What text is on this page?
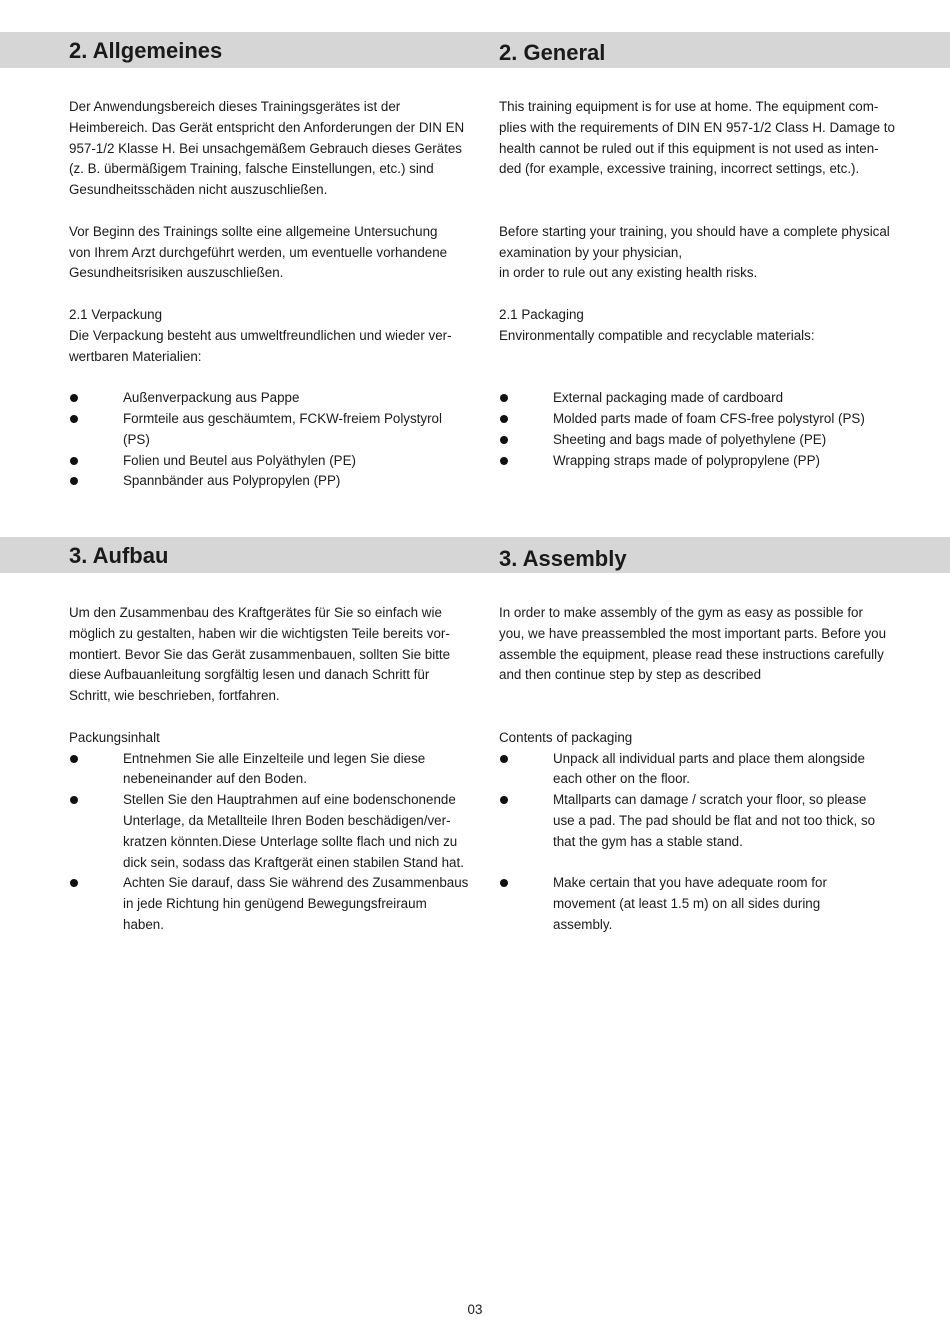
2. Allgemeines	2. General

Der Anwendungsbereich dieses Trainingsgerätes ist der
Heimbereich. Das Gerät entspricht den Anforderungen der DIN EN
957-1/2 Klasse H. Bei unsachgemäßem Gebrauch dieses Gerätes
(z. B. übermäßigem Training, falsche Einstellungen, etc.) sind
Gesundheitsschäden nicht auszuschließen.

Vor Beginn des Trainings sollte eine allgemeine Untersuchung
von Ihrem Arzt durchgeführt werden, um eventuelle vorhandene
Gesundheitsrisiken auszuschließen.

2.1 Verpackung

Die Verpackung besteht aus umweltfreundlichen und wieder ver-
wertbaren Materialien:

Außenverpackung aus Pappe

Formteile aus geschäumtem, FCKW-freiem Polystyrol
(PS)

Folien und Beutel aus Polyäthylen (PE)

Spannbänder aus Polypropylen (PP)

This training equipment is for use at home. The equipment com-
plies with the requirements of DIN EN 957-1/2 Class H. Damage to
health cannot be ruled out if this equipment is not used as inten-
ded (for example, excessive training, incorrect settings, etc.).

Before starting your training, you should have a complete physical
examination by your physician,
in order to rule out any existing health risks.

2.1 Packaging

Environmentally compatible and recyclable materials:

External packaging made of cardboard

Molded parts made of foam CFS-free polystyrol (PS)

Sheeting and bags made of polyethylene (PE)

Wrapping straps made of polypropylene (PP)

3. Aufbau	3. Assembly

Um den Zusammenbau des Kraftgerätes für Sie so einfach wie
möglich zu gestalten, haben wir die wichtigsten Teile bereits vor-
montiert. Bevor Sie das Gerät zusammenbauen, sollten Sie bitte
diese Aufbauanleitung sorgfältig lesen und danach Schritt für
Schritt, wie beschrieben, fortfahren.

Packungsinhalt

Entnehmen Sie alle Einzelteile und legen Sie diese
nebeneinander auf den Boden.

Stellen Sie den Hauptrahmen auf eine bodenschonende
Unterlage, da Metallteile Ihren Boden beschädigen/ver-
kratzen könnten.Diese Unterlage sollte flach und nich zu
dick sein, sodass das Kraftgerät einen stabilen Stand hat.

Achten Sie darauf, dass Sie während des Zusammenbaus
in jede Richtung hin genügend Bewegungsfreiraum
haben.

In order to make assembly of the gym as easy as possible for
you, we have preassembled the most important parts. Before you
assemble the equipment, please read these instructions carefully
and then continue step by step as described

Contents of packaging

Unpack all individual parts and place them alongside
each other on the floor.

Mtallparts can damage / scratch your floor, so please
use a pad. The pad should be flat and not too thick, so
that the gym has a stable stand.

Make certain that you have adequate room for
movement (at least 1.5 m) on all sides during
assembly.

03
